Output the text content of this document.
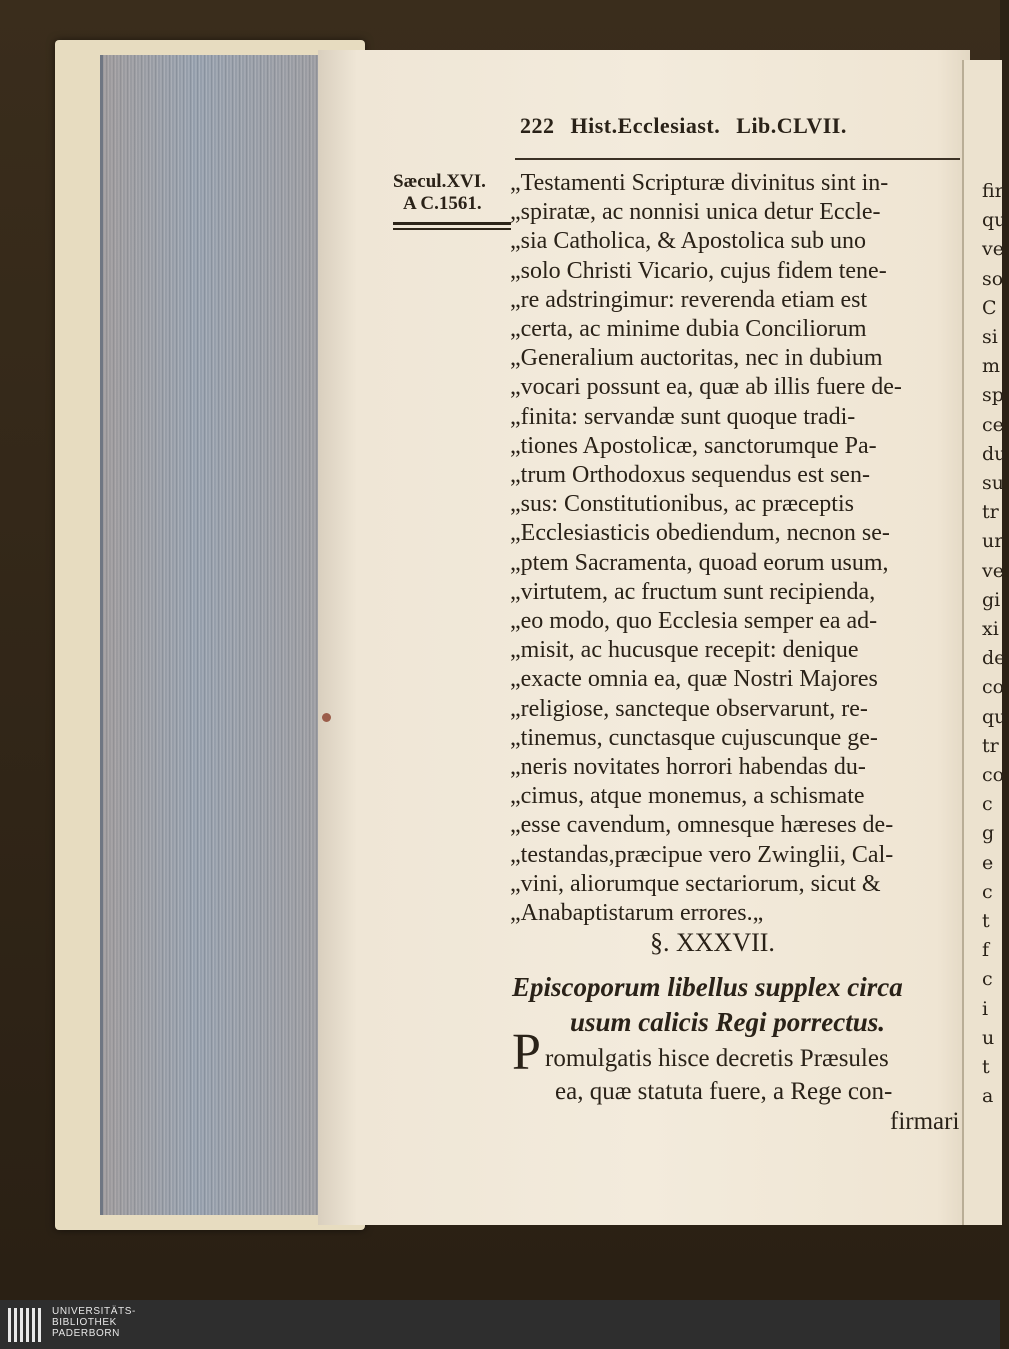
fir
qu
ve
sol
C
si
m
sp
ce
du
su
tr
ur
ve
gi
xi
de
co
qu
tr
co
c
g
e
c
t
f
c
i
u
t
a
222 Hist.Ecclesiast. Lib.CLVII.
Sæcul.XVI.
A C.1561.
„Testamenti Scripturæ divinitus sint in-
„spiratæ, ac nonnisi unica detur Eccle-
„sia Catholica, & Apostolica sub uno
„solo Christi Vicario, cujus fidem tene-
„re adstringimur: reverenda etiam est
„certa, ac minime dubia Conciliorum
„Generalium auctoritas, nec in dubium
„vocari possunt ea, quæ ab illis fuere de-
„finita: servandæ sunt quoque tradi-
„tiones Apostolicæ, sanctorumque Pa-
„trum Orthodoxus sequendus est sen-
„sus: Constitutionibus, ac præceptis
„Ecclesiasticis obediendum, necnon se-
„ptem Sacramenta, quoad eorum usum,
„virtutem, ac fructum sunt recipienda,
„eo modo, quo Ecclesia semper ea ad-
„misit, ac hucusque recepit: denique
„exacte omnia ea, quæ Nostri Majores
„religiose, sancteque observarunt, re-
„tinemus, cunctasque cujuscunque ge-
„neris novitates horrori habendas du-
„cimus, atque monemus, a schismate
„esse cavendum, omnesque hæreses de-
„testandas,præcipue vero Zwinglii, Cal-
„vini, aliorumque sectariorum, sicut &
„Anabaptistarum errores.„
§. XXXVII.
Episcoporum libellus supplex circa
usum calicis Regi porrectus.
P romulgatis hisce decretis Præsules
ea, quæ statuta fuere, a Rege con-
firmari
UNIVERSITÄTS-
BIBLIOTHEK
PADERBORN
